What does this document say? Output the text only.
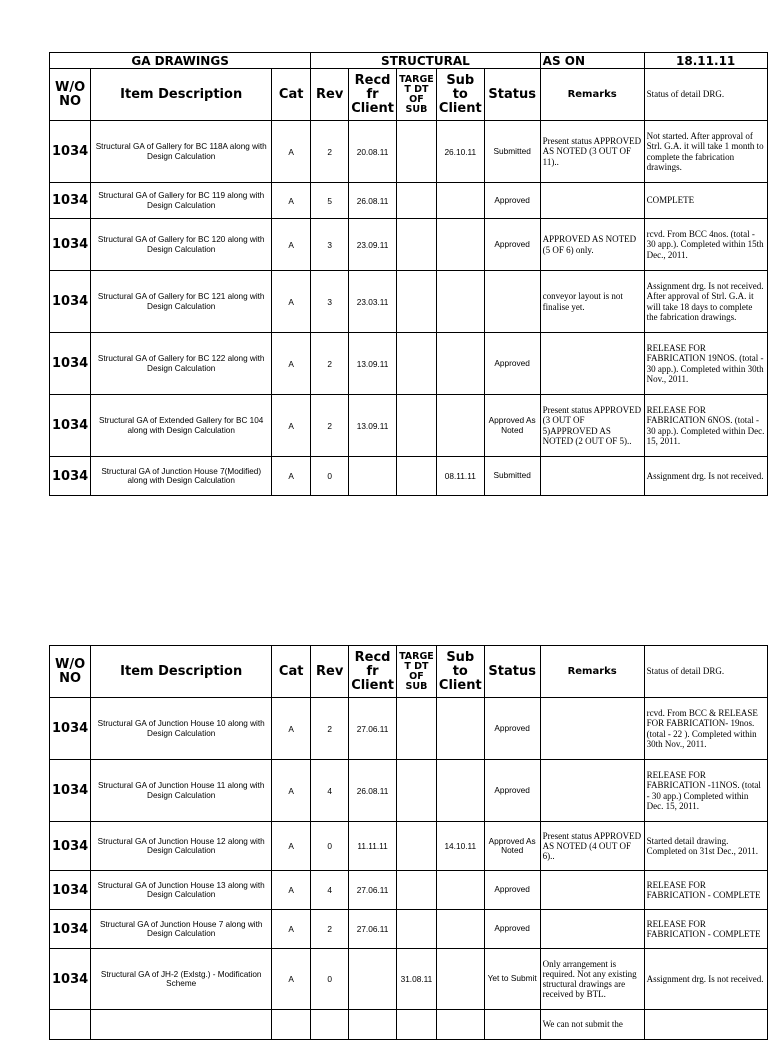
GA DRAWINGS			STRUCTURAL					AS ON	18.11.11
W/O NO	Item Description	Cat	Rev	Recd fr Client	TARGE T DT OF SUB	Sub to Client	Status	Remarks	Status of detail DRG.
1034	Structural GA of Gallery for BC 118A along with Design Calculation	A	2	20.08.11		26.10.11	Submitted	Present status APPROVED AS NOTED (3 OUT OF 11)..	Not started. After approval of Strl. G.A. it will take 1 month to complete the fabrication drawings.
1034	Structural GA of Gallery for BC 119 along with Design Calculation	A	5	26.08.11			Approved		COMPLETE
1034	Structural GA of Gallery for BC 120 along with Design Calculation	A	3	23.09.11			Approved	APPROVED AS NOTED (5 OF 6) only.	rcvd. From BCC 4nos. (total - 30 app.). Completed within 15th Dec., 2011.
1034	Structural GA of Gallery for BC 121 along with Design Calculation	A	3	23.03.11				conveyor layout is not finalise yet.	Assignment drg. Is not received. After approval of Strl. G.A. it will take 18 days to complete the fabrication drawings.
1034	Structural GA of Gallery for BC 122 along with Design Calculation	A	2	13.09.11			Approved		RELEASE FOR FABRICATION 19NOS. (total - 30 app.). Completed within 30th Nov., 2011.
1034	Structural GA of Extended Gallery for BC 104 along with Design Calculation	A	2	13.09.11			Approved As Noted	Present status APPROVED (3 OUT OF 5)APPROVED AS NOTED (2 OUT OF 5)..	RELEASE FOR FABRICATION 6NOS. (total - 30 app.). Completed within Dec. 15, 2011.
1034	Structural GA of Junction House 7(Modified) along with Design Calculation	A	0			08.11.11	Submitted		Assignment drg. Is not received.
W/O NO	Item Description	Cat	Rev	Recd fr Client	TARGE T DT OF SUB	Sub to Client	Status	Remarks	Status of detail DRG.
1034	Structural GA of Junction House 10 along with Design Calculation	A	2	27.06.11			Approved		rcvd. From BCC & RELEASE FOR FABRICATION- 19nos. (total - 22 ). Completed within 30th Nov., 2011.
1034	Structural GA of Junction House 11 along with Design Calculation	A	4	26.08.11			Approved		RELEASE FOR FABRICATION -11NOS. (total - 30 app.) Completed within Dec. 15, 2011.
1034	Structural GA of Junction House 12 along with Design Calculation	A	0	11.11.11		14.10.11	Approved As Noted	Present status APPROVED AS NOTED (4 OUT OF 6)..	Started detail drawing. Completed on 31st Dec., 2011.
1034	Structural GA of Junction House 13 along with Design Calculation	A	4	27.06.11			Approved		RELEASE FOR FABRICATION - COMPLETE
1034	Structural GA of Junction House 7 along with Design Calculation	A	2	27.06.11			Approved		RELEASE FOR FABRICATION - COMPLETE
1034	Structural GA of JH-2 (Exlstg.) - Modification Scheme	A	0		31.08.11		Yet to Submit	Only arrangement is required. Not any existing structural drawings are received by BTL.	Assignment drg. Is not received.
								We can not submit the	
